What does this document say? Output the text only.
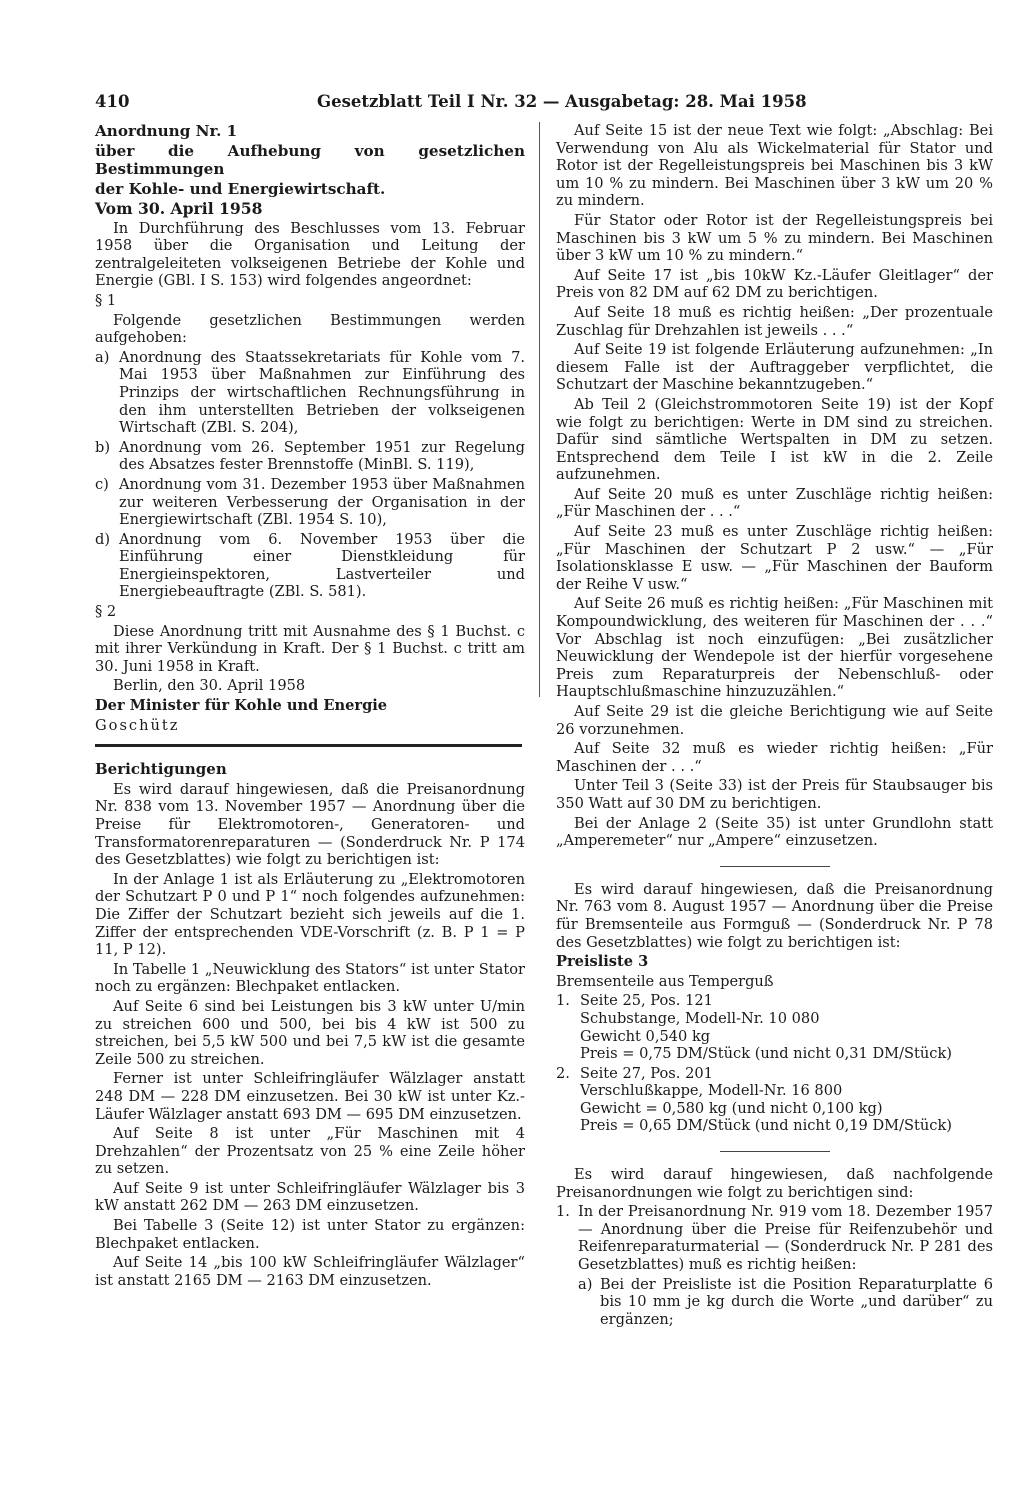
410	Gesetzblatt Teil I Nr. 32 — Ausgabetag: 28. Mai 1958

Anordnung Nr. 1

über die Aufhebung von gesetzlichen Bestimmungen

der Kohle- und Energiewirtschaft.

Vom 30. April 1958

In Durchführung des Beschlusses vom 13. Februar 1958 über die Organisation und Leitung der zentralgeleiteten volkseigenen Betriebe der Kohle und Energie (GBl. I S. 153) wird folgendes angeordnet:

§ 1

Folgende gesetzlichen Bestimmungen werden aufgehoben:

a) Anordnung des Staatssekretariats für Kohle vom 7. Mai 1953 über Maßnahmen zur Einführung des Prinzips der wirtschaftlichen Rechnungsführung in den ihm unterstellten Betrieben der volkseigenen Wirtschaft (ZBl. S. 204),
b) Anordnung vom 26. September 1951 zur Regelung des Absatzes fester Brennstoffe (MinBl. S. 119),
c) Anordnung vom 31. Dezember 1953 über Maßnahmen zur weiteren Verbesserung der Organisation in der Energiewirtschaft (ZBl. 1954 S. 10),
d) Anordnung vom 6. November 1953 über die Einführung einer Dienstkleidung für Energieinspektoren, Lastverteiler und Energiebeauftragte (ZBl. S. 581).

§ 2

Diese Anordnung tritt mit Ausnahme des § 1 Buchst. c mit ihrer Verkündung in Kraft. Der § 1 Buchst. c tritt am 30. Juni 1958 in Kraft.

Berlin, den 30. April 1958

Der Minister für Kohle und Energie

Goschütz

Berichtigungen

Es wird darauf hingewiesen, daß die Preisanordnung Nr. 838 vom 13. November 1957 — Anordnung über die Preise für Elektromotoren-, Generatoren- und Transformatorenreparaturen — (Sonderdruck Nr. P 174 des Gesetzblattes) wie folgt zu berichtigen ist:

In der Anlage 1 ist als Erläuterung zu „Elektromotoren der Schutzart P 0 und P 1“ noch folgendes aufzunehmen: Die Ziffer der Schutzart bezieht sich jeweils auf die 1. Ziffer der entsprechenden VDE-Vorschrift (z. B. P 1 = P 11, P 12).

In Tabelle 1 „Neuwicklung des Stators“ ist unter Stator noch zu ergänzen: Blechpaket entlacken.

Auf Seite 6 sind bei Leistungen bis 3 kW unter U/min zu streichen 600 und 500, bei bis 4 kW ist 500 zu streichen, bei 5,5 kW 500 und bei 7,5 kW ist die gesamte Zeile 500 zu streichen.

Ferner ist unter Schleifringläufer Wälzlager anstatt 248 DM — 228 DM einzusetzen. Bei 30 kW ist unter Kz.-Läufer Wälzlager anstatt 693 DM — 695 DM einzusetzen.

Auf Seite 8 ist unter „Für Maschinen mit 4 Drehzahlen“ der Prozentsatz von 25 % eine Zeile höher zu setzen.

Auf Seite 9 ist unter Schleifringläufer Wälzlager bis 3 kW anstatt 262 DM — 263 DM einzusetzen.

Bei Tabelle 3 (Seite 12) ist unter Stator zu ergänzen: Blechpaket entlacken.

Auf Seite 14 „bis 100 kW Schleifringläufer Wälzlager“ ist anstatt 2165 DM — 2163 DM einzusetzen.

Auf Seite 15 ist der neue Text wie folgt: „Abschlag: Bei Verwendung von Alu als Wickelmaterial für Stator und Rotor ist der Regelleistungspreis bei Maschinen bis 3 kW um 10 % zu mindern. Bei Maschinen über 3 kW um 20 % zu mindern.

Für Stator oder Rotor ist der Regelleistungspreis bei Maschinen bis 3 kW um 5 % zu mindern. Bei Maschinen über 3 kW um 10 % zu mindern.“

Auf Seite 17 ist „bis 10kW Kz.-Läufer Gleitlager“ der Preis von 82 DM auf 62 DM zu berichtigen.

Auf Seite 18 muß es richtig heißen: „Der prozentuale Zuschlag für Drehzahlen ist jeweils . . .“

Auf Seite 19 ist folgende Erläuterung aufzunehmen: „In diesem Falle ist der Auftraggeber verpflichtet, die Schutzart der Maschine bekanntzugeben.“

Ab Teil 2 (Gleichstrommotoren Seite 19) ist der Kopf wie folgt zu berichtigen: Werte in DM sind zu streichen. Dafür sind sämtliche Wertspalten in DM zu setzen. Entsprechend dem Teile I ist kW in die 2. Zeile aufzunehmen.

Auf Seite 20 muß es unter Zuschläge richtig heißen: „Für Maschinen der . . .“

Auf Seite 23 muß es unter Zuschläge richtig heißen: „Für Maschinen der Schutzart P 2 usw.“ — „Für Isolationsklasse E usw. — „Für Maschinen der Bauform der Reihe V usw.“

Auf Seite 26 muß es richtig heißen: „Für Maschinen mit Kompoundwicklung, des weiteren für Maschinen der . . .“ Vor Abschlag ist noch einzufügen: „Bei zusätzlicher Neuwicklung der Wendepole ist der hierfür vorgesehene Preis zum Reparaturpreis der Nebenschluß- oder Hauptschlußmaschine hinzuzuzählen.“

Auf Seite 29 ist die gleiche Berichtigung wie auf Seite 26 vorzunehmen.

Auf Seite 32 muß es wieder richtig heißen: „Für Maschinen der . . .“

Unter Teil 3 (Seite 33) ist der Preis für Staubsauger bis 350 Watt auf 30 DM zu berichtigen.

Bei der Anlage 2 (Seite 35) ist unter Grundlohn statt „Amperemeter“ nur „Ampere“ einzusetzen.

Es wird darauf hingewiesen, daß die Preisanordnung Nr. 763 vom 8. August 1957 — Anordnung über die Preise für Bremsenteile aus Formguß — (Sonderdruck Nr. P 78 des Gesetzblattes) wie folgt zu berichtigen ist:

Preisliste 3

Bremsenteile aus Temperguß

1. Seite 25, Pos. 121
Schubstange, Modell-Nr. 10 080
Gewicht 0,540 kg
Preis = 0,75 DM/Stück (und nicht 0,31 DM/Stück)
2. Seite 27, Pos. 201
Verschlußkappe, Modell-Nr. 16 800
Gewicht = 0,580 kg (und nicht 0,100 kg)
Preis = 0,65 DM/Stück (und nicht 0,19 DM/Stück)

Es wird darauf hingewiesen, daß nachfolgende Preisanordnungen wie folgt zu berichtigen sind:

1. In der Preisanordnung Nr. 919 vom 18. Dezember 1957 — Anordnung über die Preise für Reifenzubehör und Reifenreparaturmaterial — (Sonderdruck Nr. P 281 des Gesetzblattes) muß es richtig heißen:
a) Bei der Preisliste ist die Position Reparaturplatte 6 bis 10 mm je kg durch die Worte „und darüber“ zu ergänzen;
